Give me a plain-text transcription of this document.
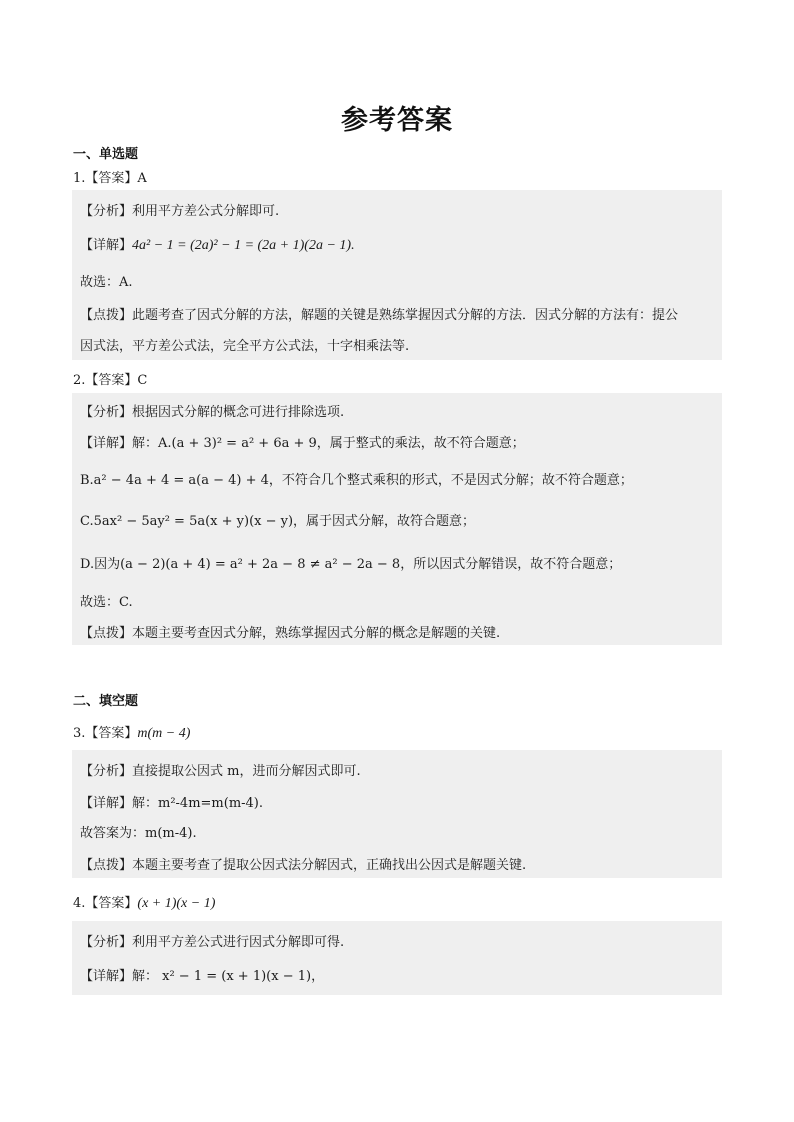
参考答案
一、单选题
1.【答案】A
【分析】利用平方差公式分解即可.
【详解】4a² − 1 = (2a)² − 1 = (2a + 1)(2a − 1).
故选：A.
【点拨】此题考查了因式分解的方法，解题的关键是熟练掌握因式分解的方法．因式分解的方法有：提公
因式法，平方差公式法，完全平方公式法，十字相乘法等.
2.【答案】C
【分析】根据因式分解的概念可进行排除选项.
【详解】解：A.(a + 3)² = a² + 6a + 9，属于整式的乘法，故不符合题意；
B.a² − 4a + 4 = a(a − 4) + 4，不符合几个整式乘积的形式，不是因式分解；故不符合题意；
C.5ax² − 5ay² = 5a(x + y)(x − y)，属于因式分解，故符合题意；
D.因为(a − 2)(a + 4) = a² + 2a − 8 ≠ a² − 2a − 8，所以因式分解错误，故不符合题意；
故选：C.
【点拨】本题主要考查因式分解，熟练掌握因式分解的概念是解题的关键.
二、填空题
3.【答案】m(m − 4)
【分析】直接提取公因式 m，进而分解因式即可.
【详解】解：m²-4m=m(m-4).
故答案为：m(m-4).
【点拨】本题主要考查了提取公因式法分解因式，正确找出公因式是解题关键.
4.【答案】(x + 1)(x − 1)
【分析】利用平方差公式进行因式分解即可得.
【详解】解： x² − 1 = (x + 1)(x − 1)，
